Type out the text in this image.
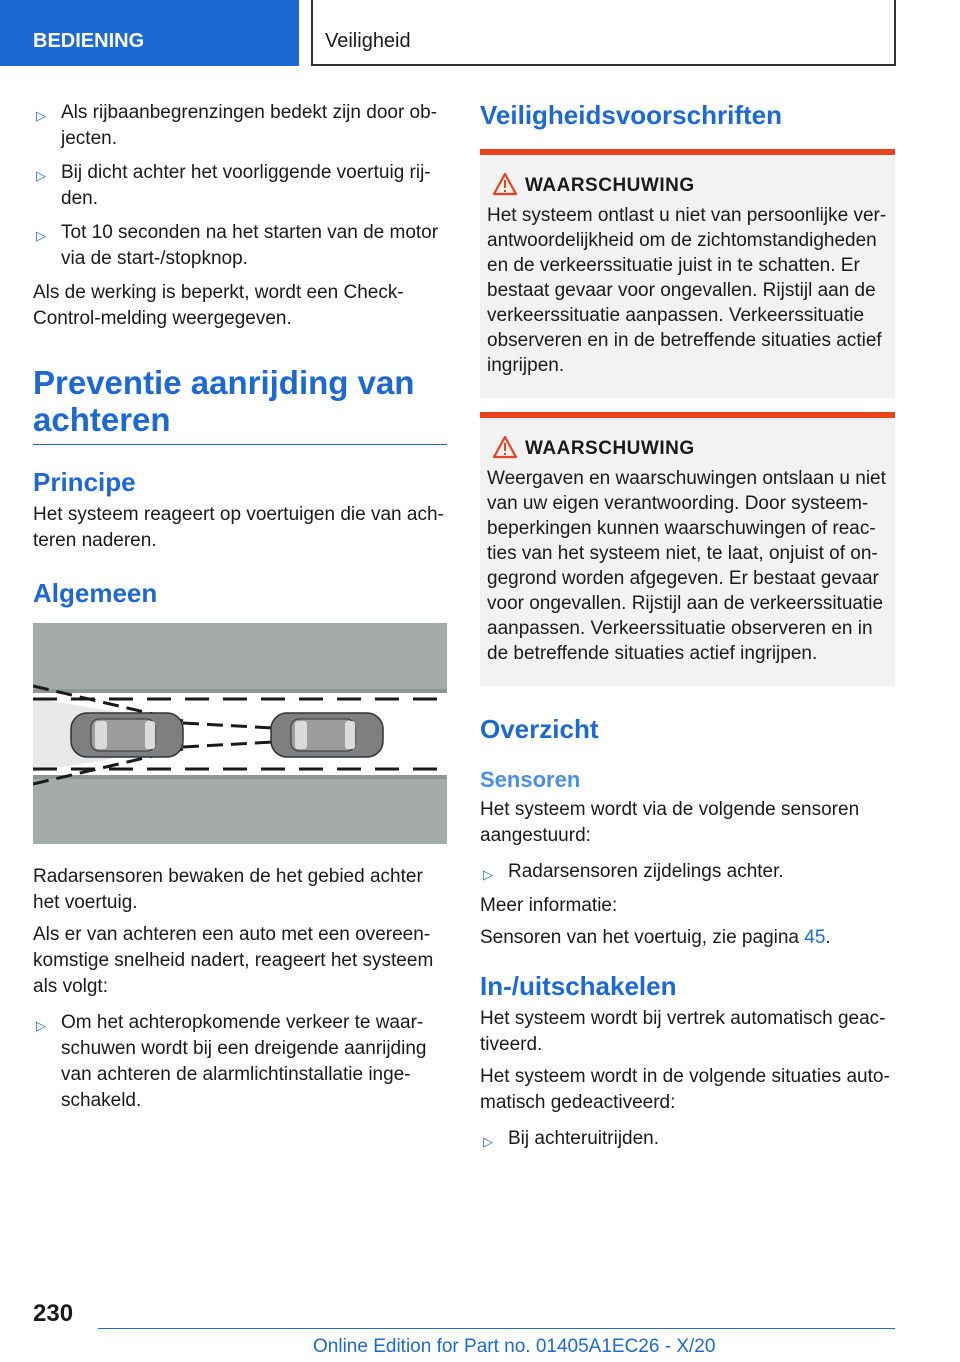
BEDIENING	Veiligheid
▷ Als rijbaanbegrenzingen bedekt zijn door ob-jecten.
▷ Bij dicht achter het voorliggende voertuig rij-den.
▷ Tot 10 seconden na het starten van de motor via de start-/stopknop.

Als de werking is beperkt, wordt een Check-Control-melding weergegeven.

Preventie aanrijding van achteren
Principe

Het systeem reageert op voertuigen die van ach-teren naderen.

Algemeen

Radarsensoren bewaken de het gebied achter het voertuig.

Als er van achteren een auto met een overeen-komstige snelheid nadert, reageert het systeem als volgt:

▷ Om het achteropkomende verkeer te waar-schuwen wordt bij een dreigende aanrijding van achteren de alarmlichtinstallatie inge-schakeld.
Veiligheidsvoorschriften
WAARSCHUWING

Het systeem ontlast u niet van persoonlijke ver-antwoordelijkheid om de zichtomstandigheden en de verkeerssituatie juist in te schatten. Er bestaat gevaar voor ongevallen. Rijstijl aan de verkeerssituatie aanpassen. Verkeerssituatie observeren en in de betreffende situaties actief ingrijpen.

WAARSCHUWING

Weergaven en waarschuwingen ontslaan u niet van uw eigen verantwoording. Door systeem-beperkingen kunnen waarschuwingen of reac-ties van het systeem niet, te laat, onjuist of on-gegrond worden afgegeven. Er bestaat gevaar voor ongevallen. Rijstijl aan de verkeerssituatie aanpassen. Verkeerssituatie observeren en in de betreffende situaties actief ingrijpen.

Overzicht
Sensoren

Het systeem wordt via de volgende sensoren aangestuurd:

▷ Radarsensoren zijdelings achter.

Meer informatie:

Sensoren van het voertuig, zie pagina 45.

In-/uitschakelen

Het systeem wordt bij vertrek automatisch geac-tiveerd.

Het systeem wordt in de volgende situaties auto-matisch gedeactiveerd:

▷ Bij achteruitrijden.
230
Online Edition for Part no. 01405A1EC26 - X/20
